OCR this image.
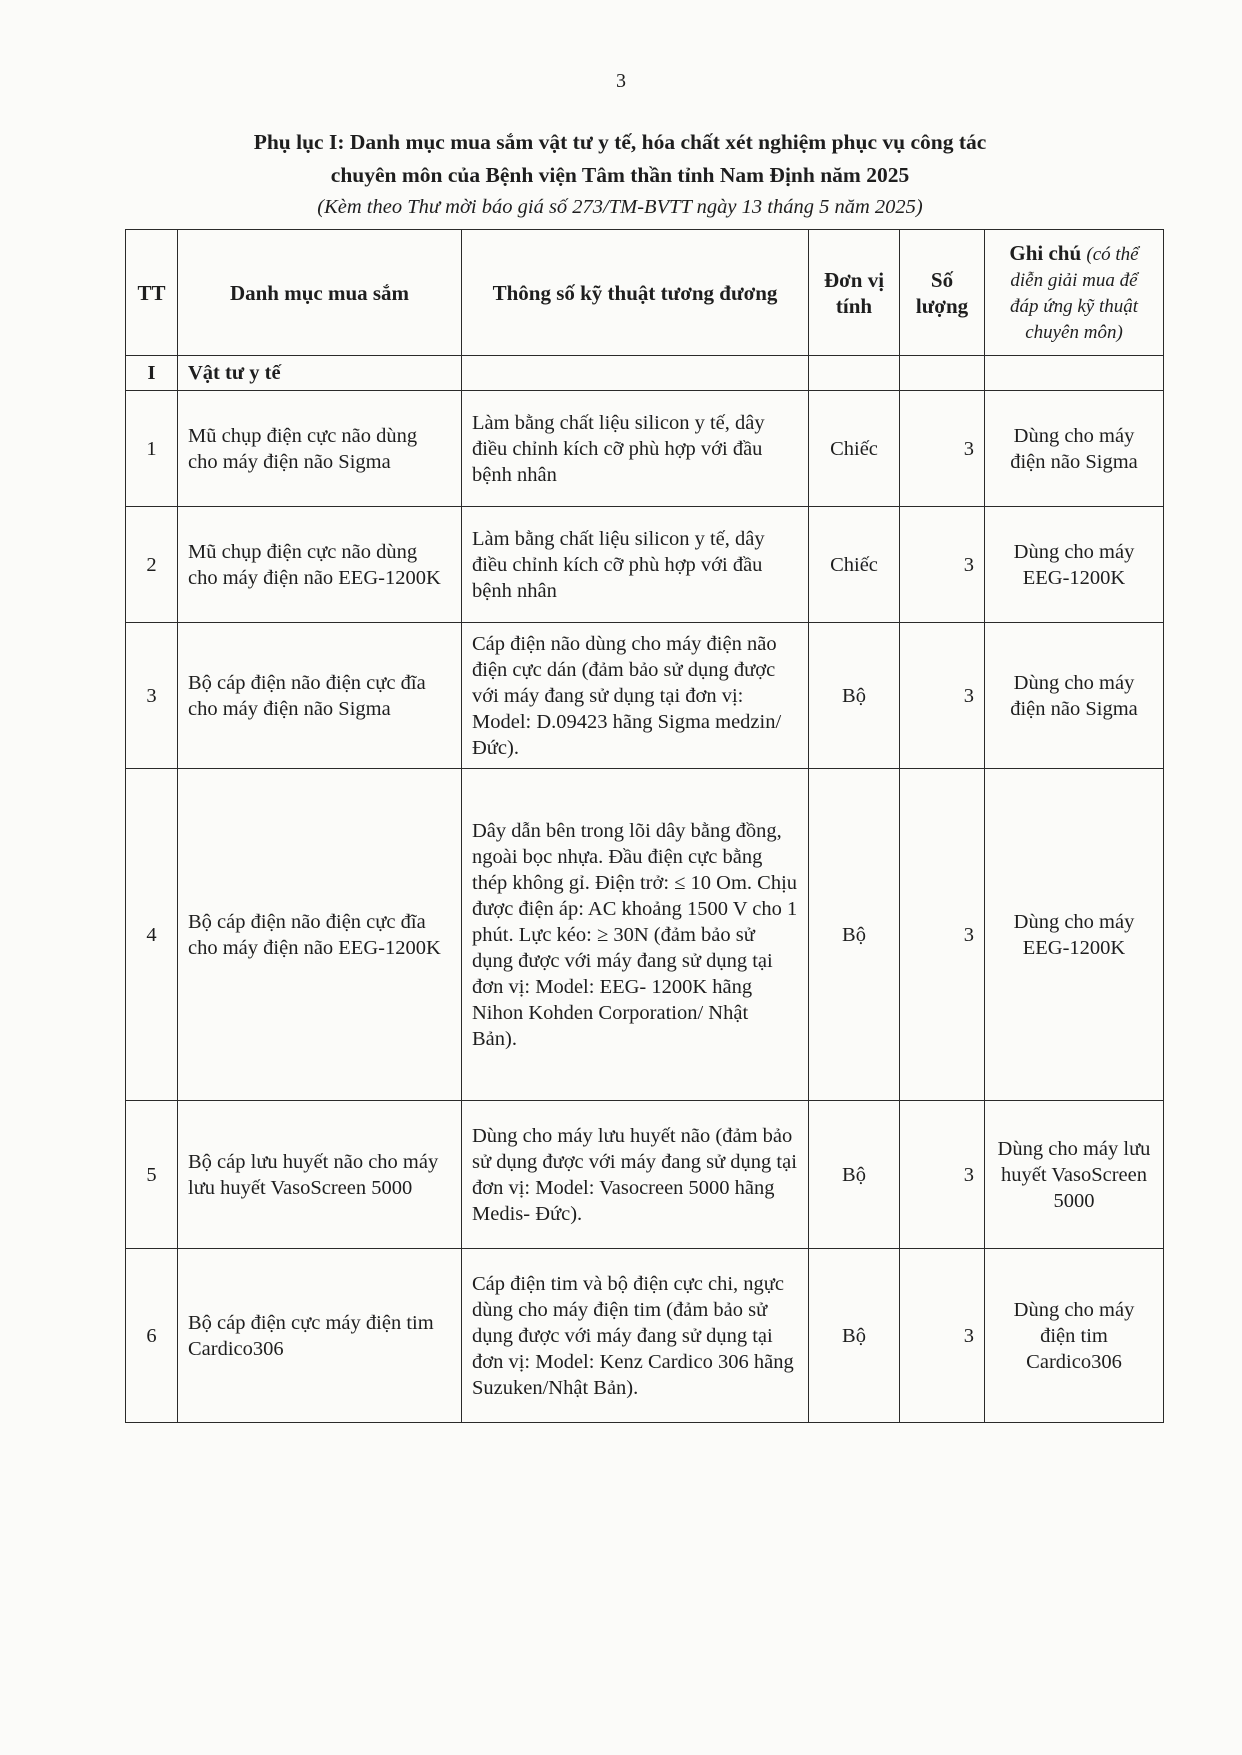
3
Phụ lục I: Danh mục mua sắm vật tư y tế, hóa chất xét nghiệm phục vụ công tác
chuyên môn của Bệnh viện Tâm thần tỉnh Nam Định năm 2025
(Kèm theo Thư mời báo giá số 273/TM-BVTT ngày 13 tháng 5 năm 2025)
TT	Danh mục mua sắm	Thông số kỹ thuật tương đương	Đơn vị tính	Số lượng	Ghi chú (có thể diễn giải mua để đáp ứng kỹ thuật chuyên môn)
I	Vật tư y tế				
1	Mũ chụp điện cực não dùng cho máy điện não Sigma	Làm bằng chất liệu silicon y tế, dây điều chỉnh kích cỡ phù hợp với đầu bệnh nhân	Chiếc	3	Dùng cho máy điện não Sigma
2	Mũ chụp điện cực não dùng cho máy điện não EEG-1200K	Làm bằng chất liệu silicon y tế, dây điều chỉnh kích cỡ phù hợp với đầu bệnh nhân	Chiếc	3	Dùng cho máy EEG-1200K
3	Bộ cáp điện não điện cực đĩa cho máy điện não Sigma	Cáp điện não dùng cho máy điện não điện cực dán (đảm bảo sử dụng được với máy đang sử dụng tại đơn vị: Model: D.09423 hãng Sigma medzin/ Đức).	Bộ	3	Dùng cho máy điện não Sigma
4	Bộ cáp điện não điện cực đĩa cho máy điện não EEG-1200K	Dây dẫn bên trong lõi dây bằng đồng, ngoài bọc nhựa. Đầu điện cực bằng thép không gỉ. Điện trở: ≤ 10 Om. Chịu được điện áp: AC khoảng 1500 V cho 1 phút. Lực kéo: ≥ 30N (đảm bảo sử dụng được với máy đang sử dụng tại đơn vị: Model: EEG- 1200K hãng Nihon Kohden Corporation/ Nhật Bản).	Bộ	3	Dùng cho máy EEG-1200K
5	Bộ cáp lưu huyết não cho máy lưu huyết VasoScreen 5000	Dùng cho máy lưu huyết não (đảm bảo sử dụng được với máy đang sử dụng tại đơn vị: Model: Vasocreen 5000 hãng Medis- Đức).	Bộ	3	Dùng cho máy lưu huyết VasoScreen 5000
6	Bộ cáp điện cực máy điện tim Cardico306	Cáp điện tim và bộ điện cực chi, ngực dùng cho máy điện tim (đảm bảo sử dụng được với máy đang sử dụng tại đơn vị: Model: Kenz Cardico 306 hãng Suzuken/Nhật Bản).	Bộ	3	Dùng cho máy điện tim Cardico306
